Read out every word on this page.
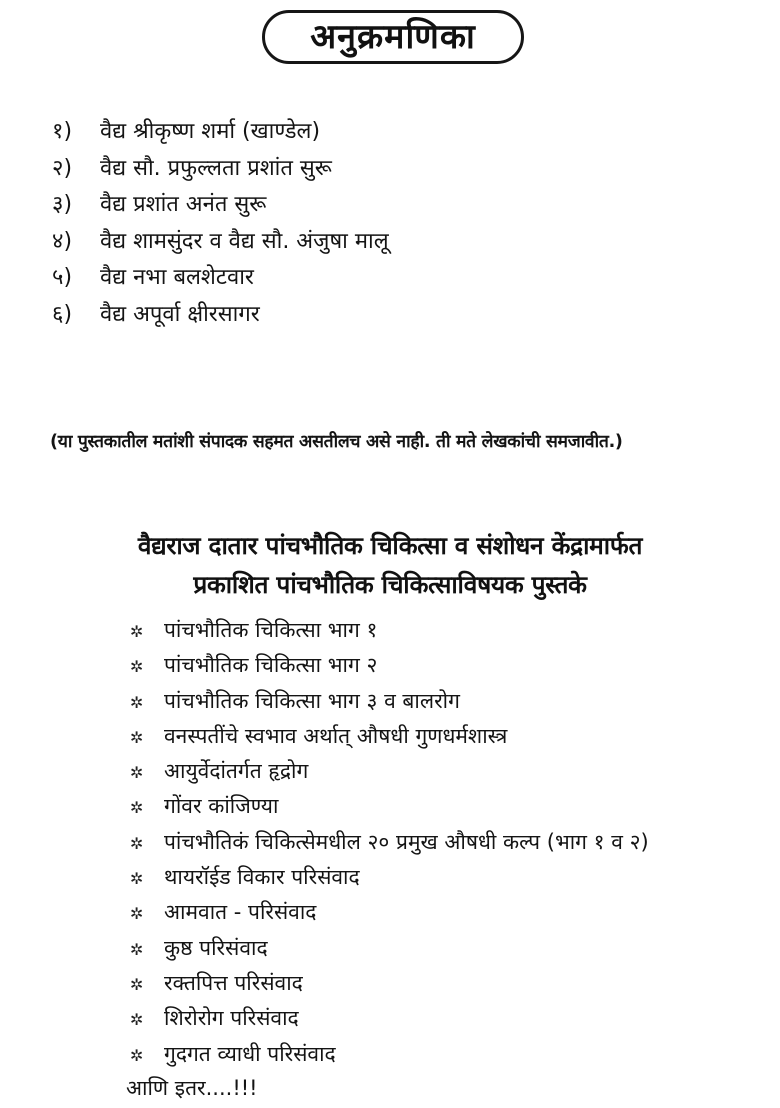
अनुक्रमणिका
१)	वैद्य श्रीकृष्ण शर्मा (खाण्डेल)
२)	वैद्य सौ. प्रफुल्लता प्रशांत सुरू
३)	वैद्य प्रशांत अनंत सुरू
४)	वैद्य शामसुंदर व वैद्य सौ. अंजुषा मालू
५)	वैद्य नभा बलशेटवार
६)	वैद्य अपूर्वा क्षीरसागर
(या पुस्तकातील मतांशी संपादक सहमत असतीलच असे नाही. ती मते लेखकांची समजावीत.)
वैद्यराज दातार पांचभौतिक चिकित्सा व संशोधन केंद्रामार्फत
प्रकाशित पांचभौतिक चिकित्साविषयक पुस्तके
✲ पांचभौतिक चिकित्सा भाग १
✲ पांचभौतिक चिकित्सा भाग २
✲ पांचभौतिक चिकित्सा भाग ३ व बालरोग
✲ वनस्पतींचे स्वभाव अर्थात् औषधी गुणधर्मशास्त्र
✲ आयुर्वेदांतर्गत हृद्रोग
✲ गोंवर कांजिण्या
✲ पांचभौतिकं चिकित्सेमधील २० प्रमुख औषधी कल्प (भाग १ व २)
✲ थायरॉईड विकार परिसंवाद
✲ आमवात - परिसंवाद
✲ कुष्ठ परिसंवाद
✲ रक्तपित्त परिसंवाद
✲ शिरोरोग परिसंवाद
✲ गुदगत व्याधी परिसंवाद
आणि इतर....!!!
